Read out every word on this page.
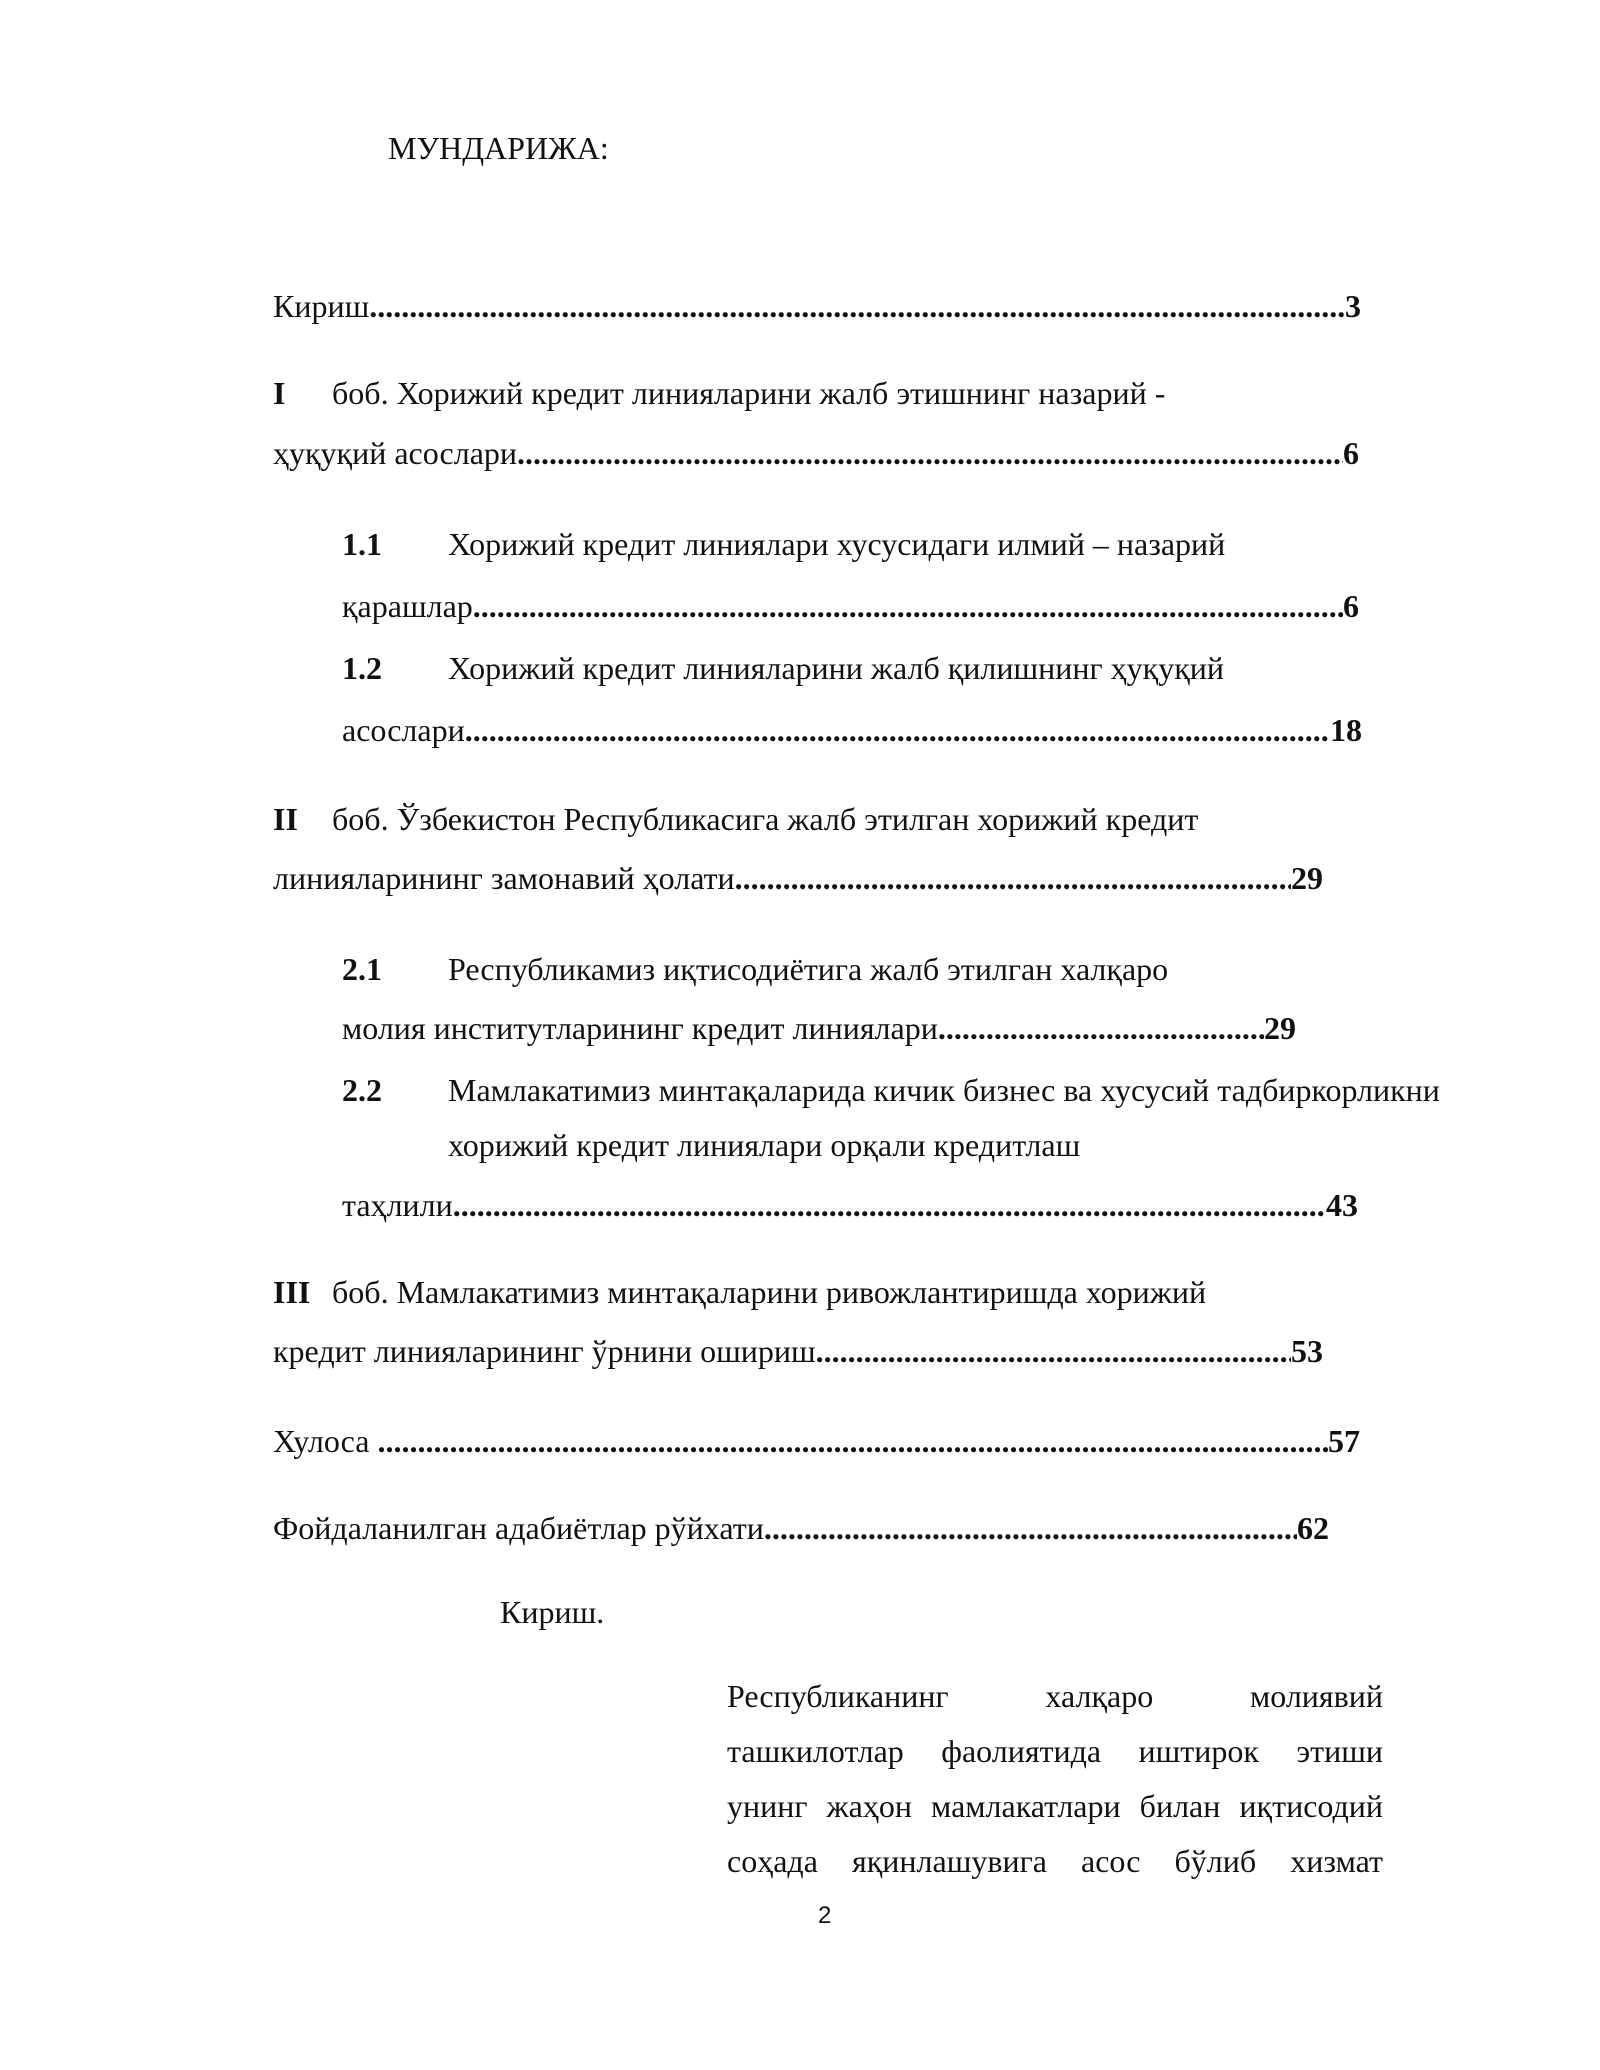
МУНДАРИЖА:
Кириш .....	3
I боб. Хорижий кредит линияларини жалб этишнинг назарий -
ҳуқуқий асослари .....	6
1.1 Хорижий кредит линиялари хусусидаги илмий – назарий
қарашлар .....	6
1.2 Хорижий кредит линияларини жалб қилишнинг ҳуқуқий
асослари .....	18
II боб. Ўзбекистон Республикасига жалб этилган хорижий кредит
линияларининг замонавий ҳолати .....	29
2.1 Республикамиз иқтисодиётига жалб этилган халқаро
молия институтларининг кредит линиялари .....	29
2.2 Мамлакатимиз минтақаларида кичик бизнес ва хусусий тадбиркорликни
хорижий кредит линиялари орқали кредитлаш
таҳлили .....	43
III боб. Мамлакатимиз минтақаларини ривожлантиришда хорижий
кредит линияларининг ўрнини ошириш .....	53
Хулоса .....	57
Фойдаланилган адабиётлар рўйхати .....	62
Кириш.
Республиканинг	халқаро	молиявий
ташкилотлар фаолиятида иштирок этиши
унинг жаҳон мамлакатлари билан иқтисодий
соҳада яқинлашувига асос бўлиб хизмат
2
